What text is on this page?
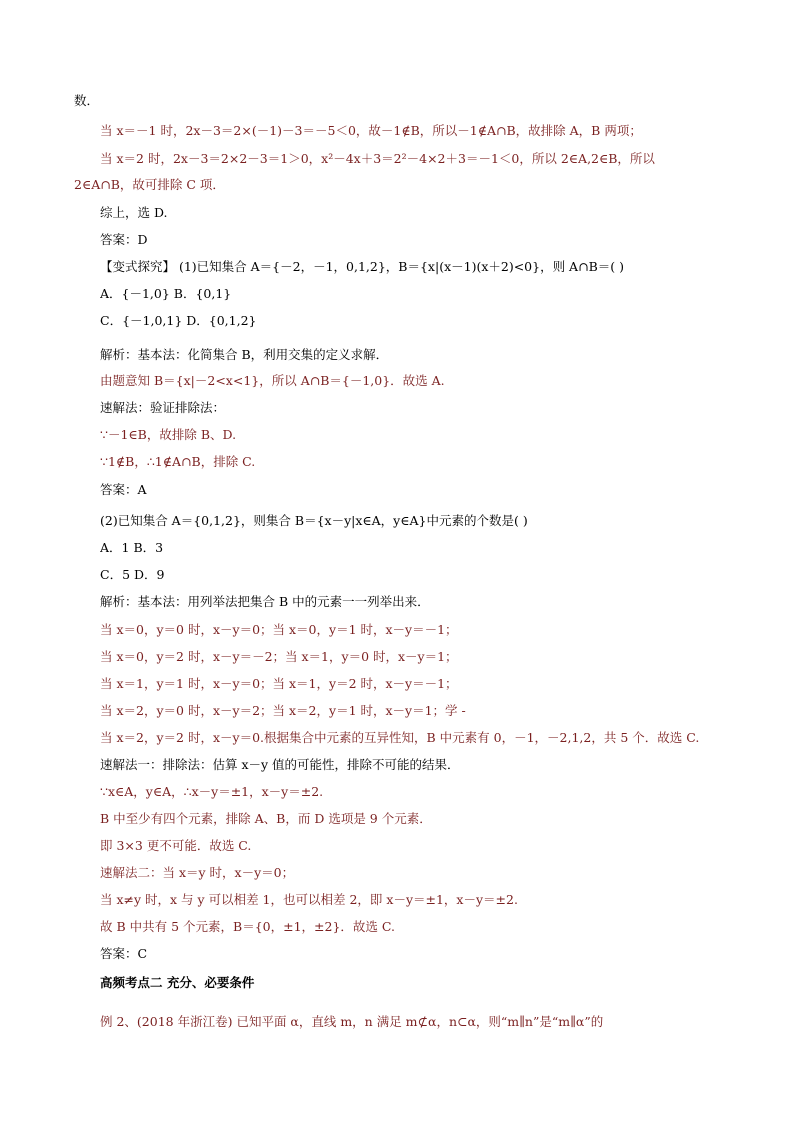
数．
当 x＝－1 时，2x－3＝2×(－1)－3＝－5＜0，故－1∉B，所以－1∉A∩B，故排除 A，B 两项；
当 x＝2 时，2x－3＝2×2－3＝1＞0，x²－4x＋3＝2²－4×2＋3＝－1＜0，所以 2∈A,2∈B，所以
2∈A∩B，故可排除 C 项．
综上，选 D.
答案：D
【变式探究】 (1)已知集合 A＝{－2，－1，0,1,2}，B＝{x|(x－1)(x＋2)<0}，则 A∩B＝( )
A．{－1,0} B．{0,1}
C．{－1,0,1} D．{0,1,2}
解析：基本法：化简集合 B，利用交集的定义求解．
由题意知 B＝{x|－2<x<1}，所以 A∩B＝{－1,0}．故选 A.
速解法：验证排除法：
∵－1∈B，故排除 B、D.
∵1∉B，∴1∉A∩B，排除 C.
答案：A
(2)已知集合 A＝{0,1,2}，则集合 B＝{x－y|x∈A，y∈A}中元素的个数是( )
A．1 B．3
C．5 D．9
解析：基本法：用列举法把集合 B 中的元素一一列举出来．
当 x＝0，y＝0 时，x－y＝0；当 x＝0，y＝1 时，x－y＝－1；
当 x＝0，y＝2 时，x－y＝－2；当 x＝1，y＝0 时，x－y＝1；
当 x＝1，y＝1 时，x－y＝0；当 x＝1，y＝2 时，x－y＝－1；
当 x＝2，y＝0 时，x－y＝2；当 x＝2，y＝1 时，x－y＝1；学 -
当 x＝2，y＝2 时，x－y＝0.根据集合中元素的互异性知，B 中元素有 0，－1，－2,1,2，共 5 个．故选 C.
速解法一：排除法：估算 x－y 值的可能性，排除不可能的结果．
∵x∈A，y∈A，∴x－y＝±1，x－y＝±2.
B 中至少有四个元素，排除 A、B，而 D 选项是 9 个元素．
即 3×3 更不可能．故选 C.
速解法二：当 x＝y 时，x－y＝0；
当 x≠y 时，x 与 y 可以相差 1，也可以相差 2，即 x－y＝±1，x－y＝±2.
故 B 中共有 5 个元素，B＝{0，±1，±2}．故选 C.
答案：C
高频考点二 充分、必要条件
例 2、(2018 年浙江卷) 已知平面 α，直线 m，n 满足 m⊄α，n⊂α，则“m∥n”是“m∥α”的
